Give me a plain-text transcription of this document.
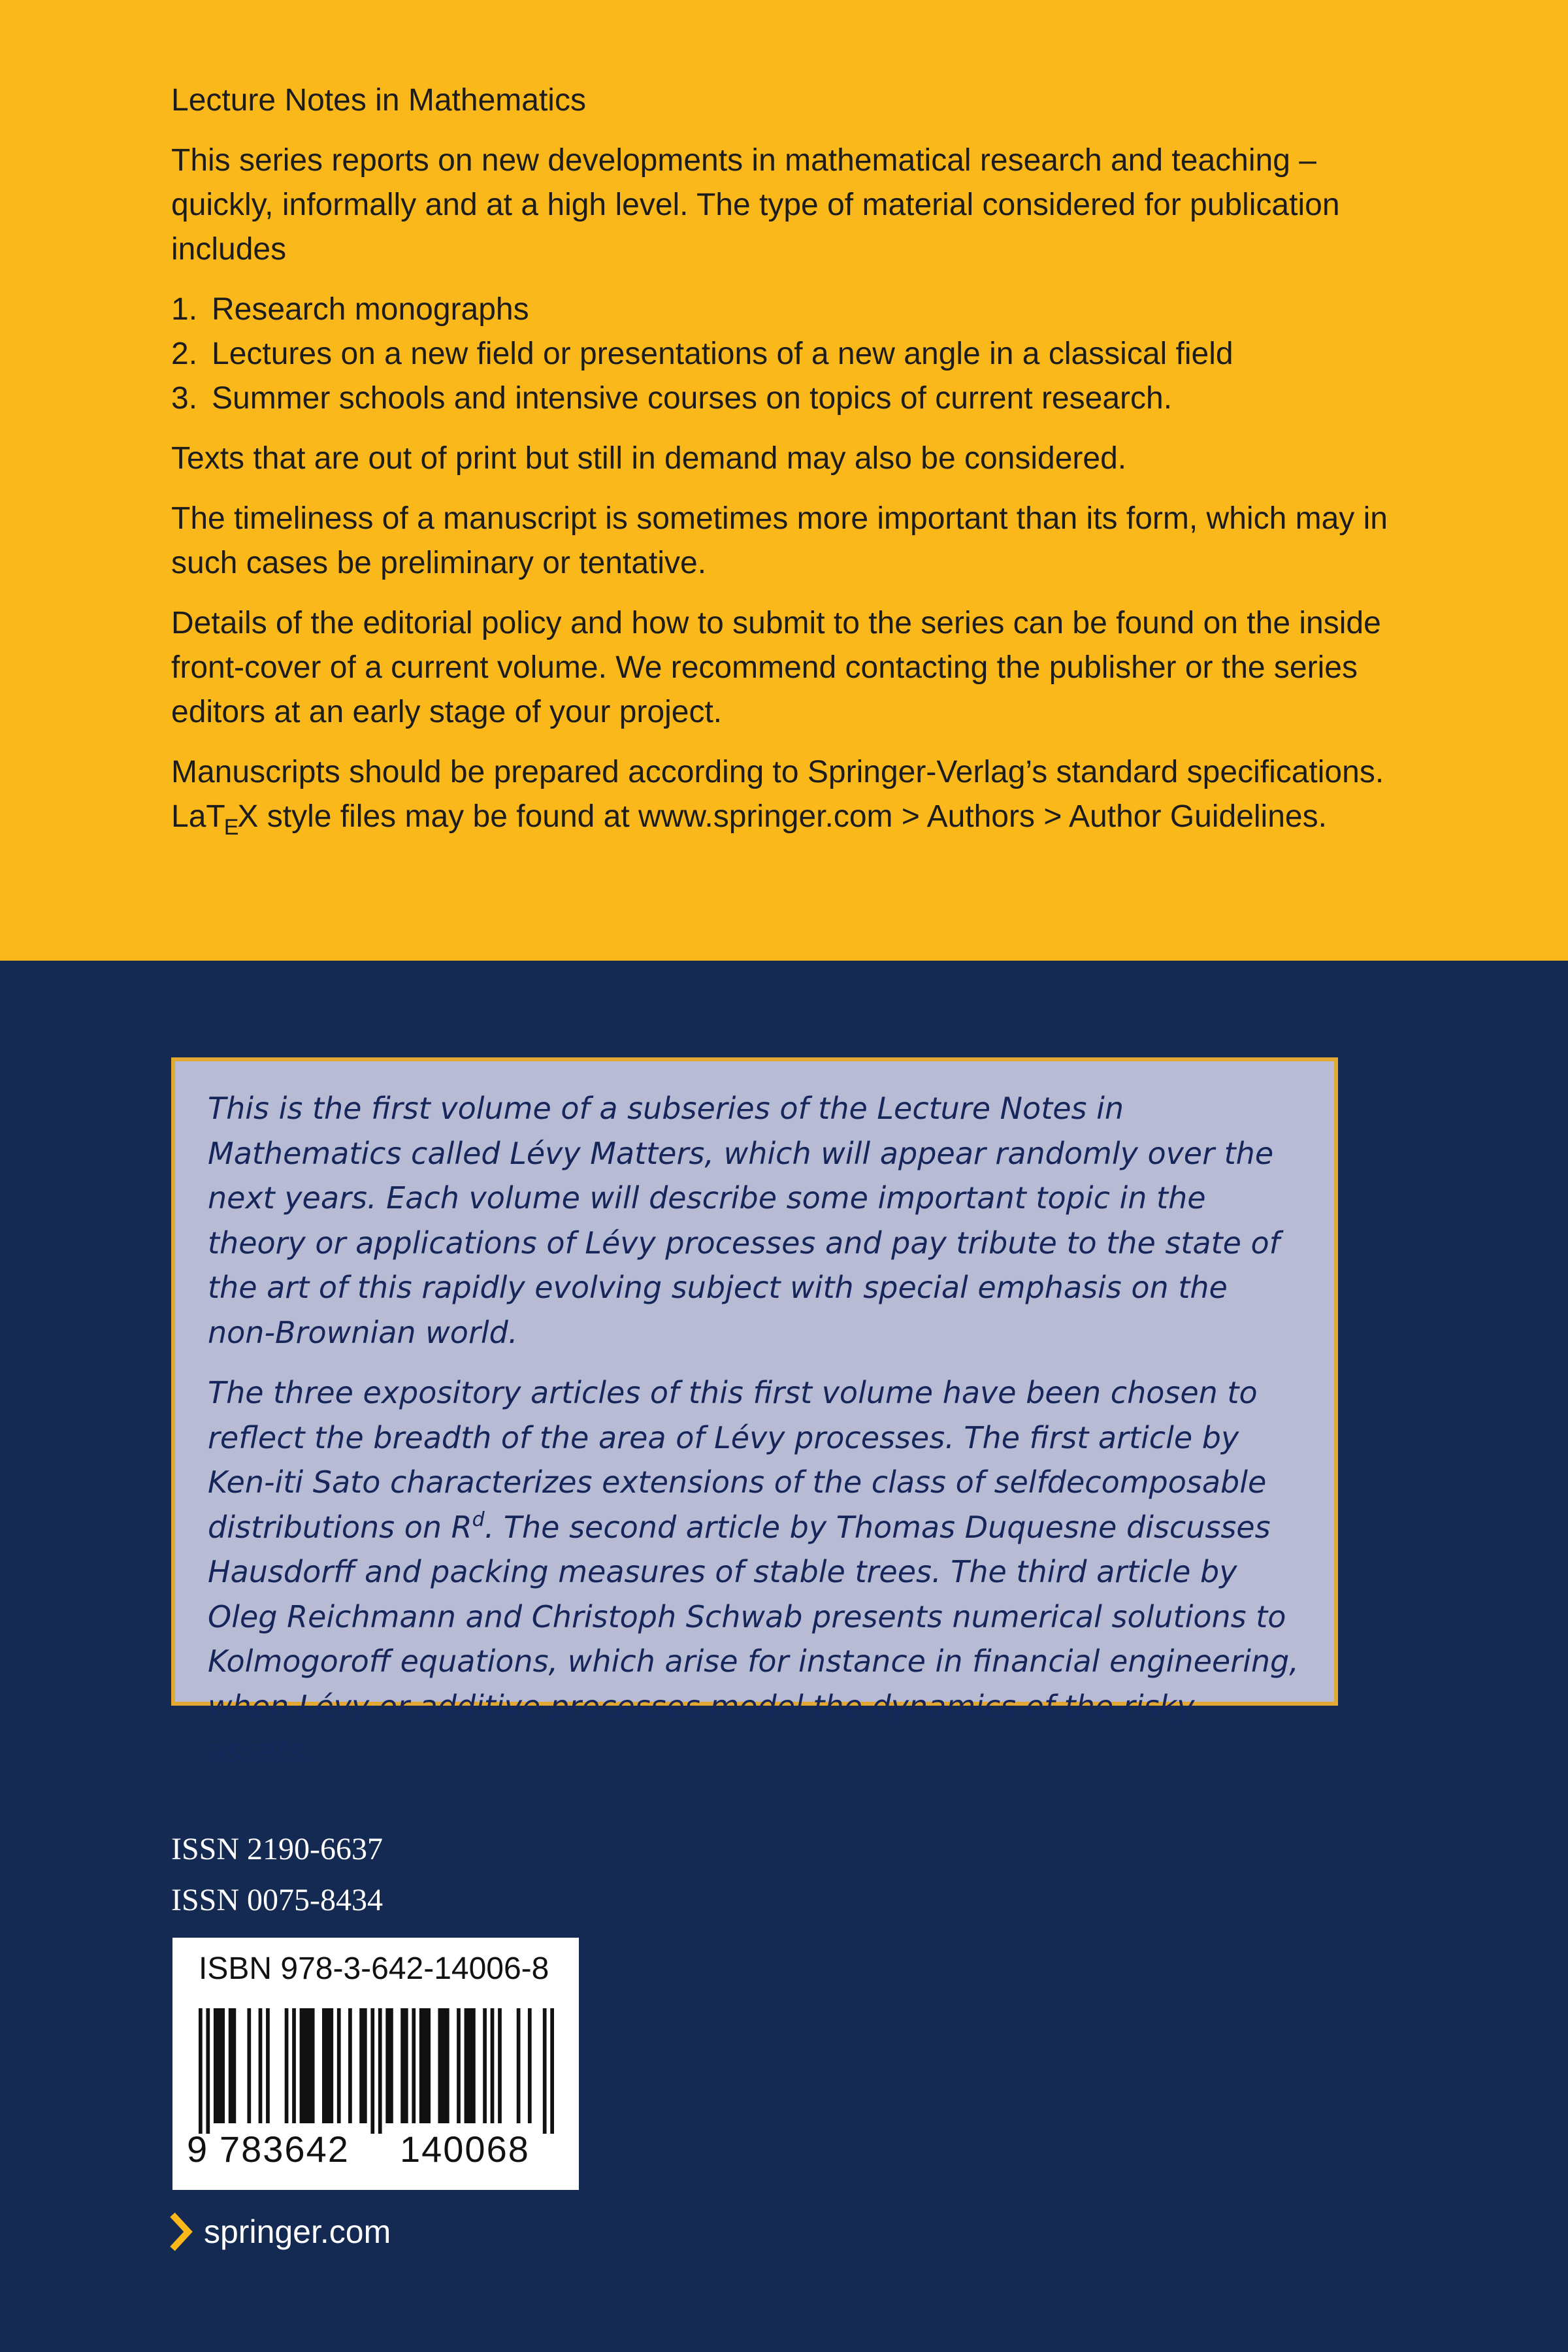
Lecture Notes in Mathematics

This series reports on new developments in mathematical research and teaching – quickly, informally and at a high level. The type of material considered for publication includes

1. Research monographs
2. Lectures on a new field or presentations of a new angle in a classical field
3. Summer schools and intensive courses on topics of current research.

Texts that are out of print but still in demand may also be considered.

The timeliness of a manuscript is sometimes more important than its form, which may in such cases be preliminary or tentative.

Details of the editorial policy and how to submit to the series can be found on the inside front-cover of a current volume. We recommend contacting the publisher or the series editors at an early stage of your project.

Manuscripts should be prepared according to Springer-Verlag’s standard specifications.
LaT$_E$X style files may be found at www.springer.com > Authors > Author Guidelines.

This is the first volume of a subseries of the Lecture Notes in Mathematics called Lévy Matters, which will appear randomly over the next years. Each volume will describe some important topic in the theory or applications of Lévy processes and pay tribute to the state of the art of this rapidly evolving subject with special emphasis on the non-Brownian world.

The three expository articles of this first volume have been chosen to reflect the breadth of the area of Lévy processes. The first article by Ken-iti Sato characterizes extensions of the class of selfdecomposable distributions on $R^d$. The second article by Thomas Duquesne discusses Hausdorff and packing measures of stable trees. The third article by Oleg Reichmann and Christoph Schwab presents numerical solutions to Kolmogoroff equations, which arise for instance in financial engineering, when Lévy or additive processes model the dynamics of the risky assets.

ISSN 2190-6637
ISSN 0075-8434
ISBN 978-3-642-14006-8
9 783642 140068
springer.com
